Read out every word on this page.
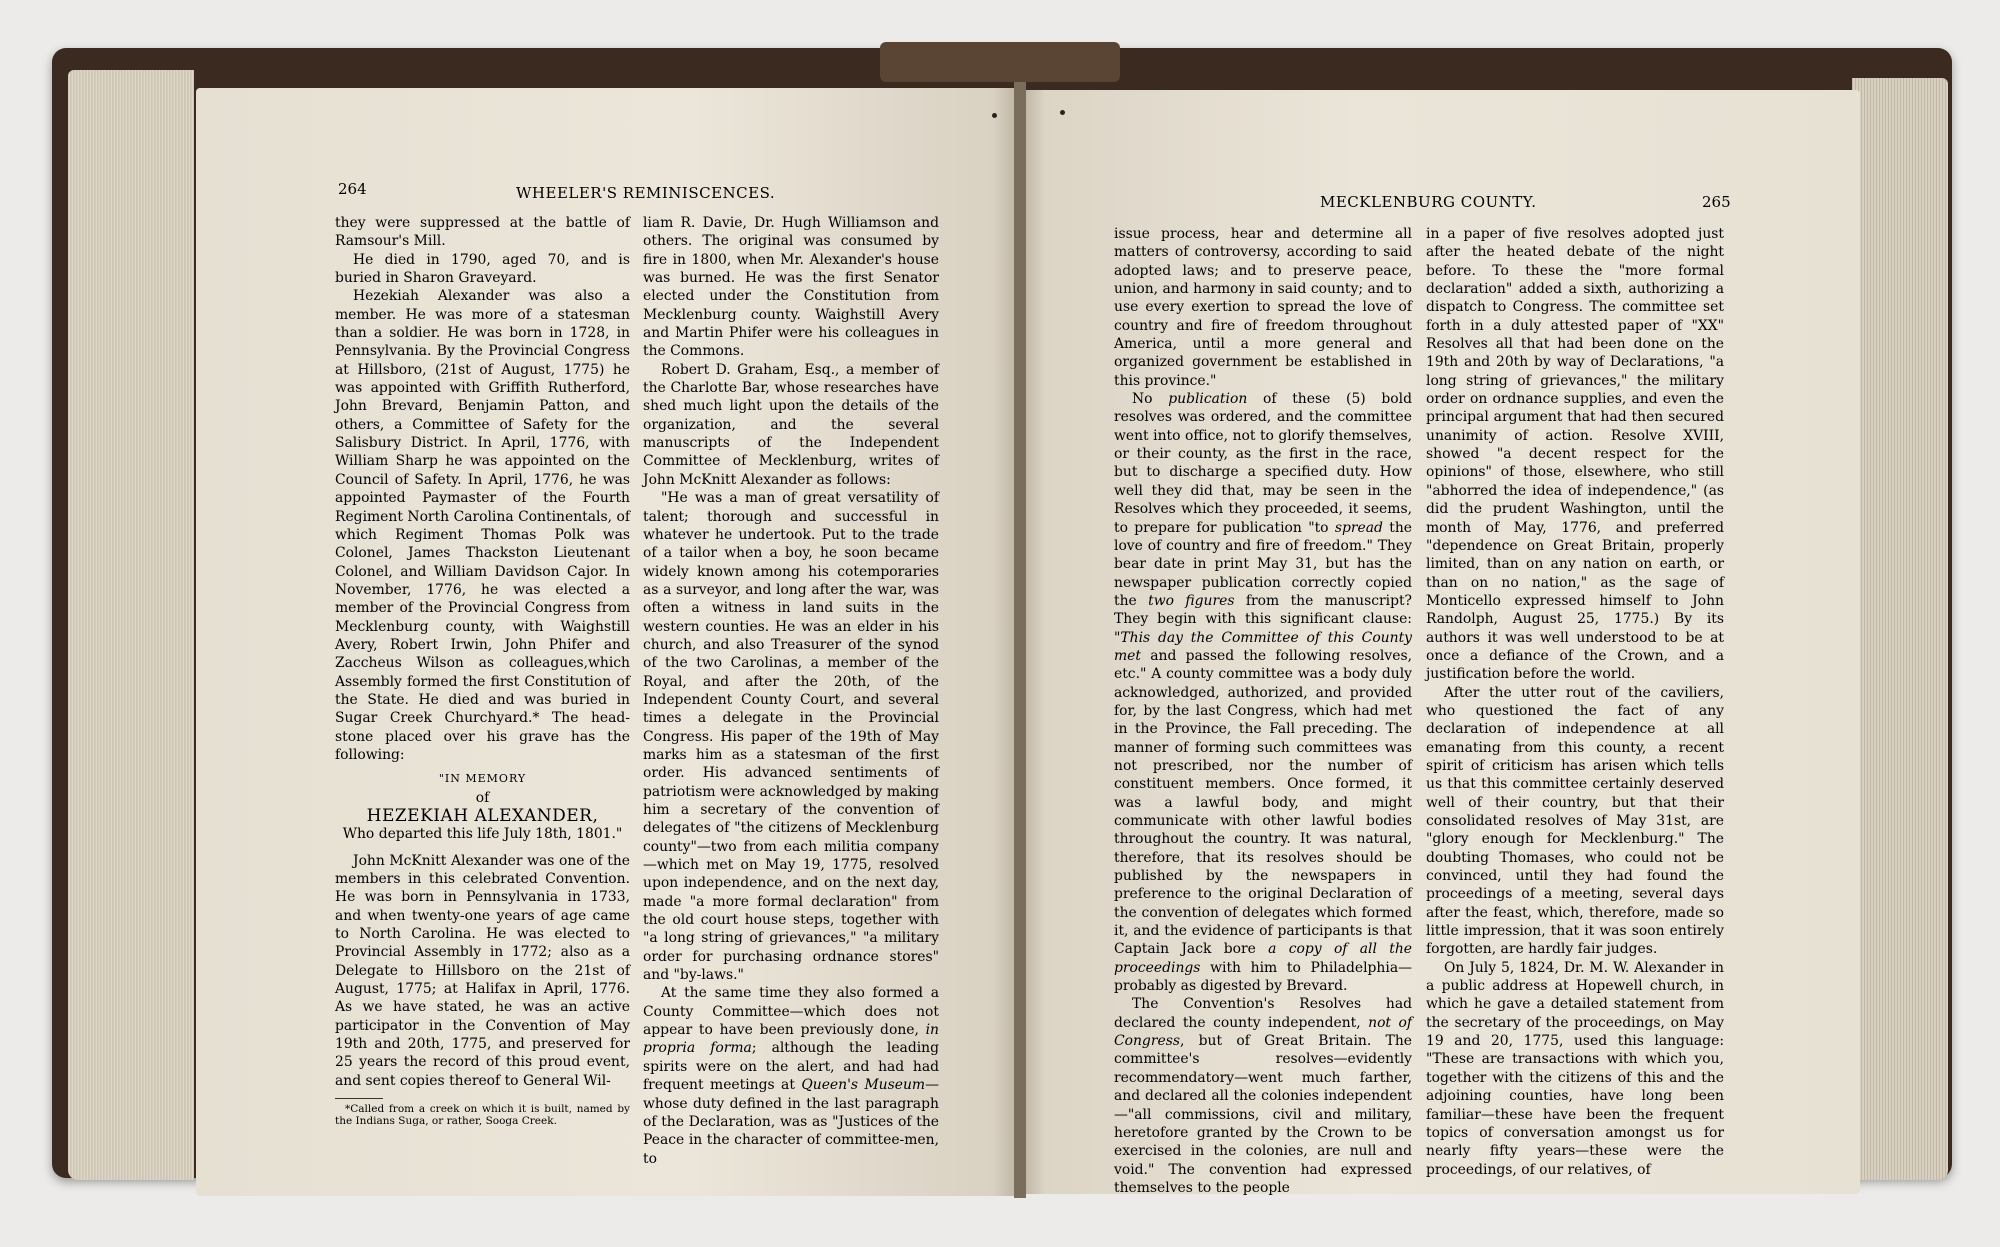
264	WHEELER'S REMINISCENCES.

they were suppressed at the battle of Ramsour's Mill.

He died in 1790, aged 70, and is buried in Sharon Graveyard.

Hezekiah Alexander was also a member. He was more of a statesman than a soldier. He was born in 1728, in Pennsylvania. By the Provincial Congress at Hillsboro, (21st of August, 1775) he was appointed with Griffith Rutherford, John Brevard, Benjamin Patton, and others, a Committee of Safety for the Salisbury District. In April, 1776, with William Sharp he was appointed on the Council of Safety. In April, 1776, he was appointed Paymaster of the Fourth Regiment North Carolina Continentals, of which Regiment Thomas Polk was Colonel, James Thackston Lieutenant Colonel, and William Davidson Cajor. In November, 1776, he was elected a member of the Provincial Congress from Mecklenburg county, with Waighstill Avery, Robert Irwin, John Phifer and Zaccheus Wilson as colleagues,which Assembly formed the first Constitution of the State. He died and was buried in Sugar Creek Churchyard.* The head-stone placed over his grave has the following:

"IN MEMORY
of
HEZEKIAH ALEXANDER,
Who departed this life July 18th, 1801."

John McKnitt Alexander was one of the members in this celebrated Convention. He was born in Pennsylvania in 1733, and when twenty-one years of age came to North Carolina. He was elected to Provincial Assembly in 1772; also as a Delegate to Hillsboro on the 21st of August, 1775; at Halifax in April, 1776. As we have stated, he was an active participator in the Convention of May 19th and 20th, 1775, and preserved for 25 years the record of this proud event, and sent copies thereof to General Wil-

*Called from a creek on which it is built, named by the Indians Suga, or rather, Sooga Creek.

liam R. Davie, Dr. Hugh Williamson and others. The original was consumed by fire in 1800, when Mr. Alexander's house was burned. He was the first Senator elected under the Constitution from Mecklenburg county. Waighstill Avery and Martin Phifer were his colleagues in the Commons.

Robert D. Graham, Esq., a member of the Charlotte Bar, whose researches have shed much light upon the details of the organization, and the several manuscripts of the Independent Committee of Mecklenburg, writes of John McKnitt Alexander as follows:

"He was a man of great versatility of talent; thorough and successful in whatever he undertook. Put to the trade of a tailor when a boy, he soon became widely known among his cotemporaries as a surveyor, and long after the war, was often a witness in land suits in the western counties. He was an elder in his church, and also Treasurer of the synod of the two Carolinas, a member of the Royal, and after the 20th, of the Independent County Court, and several times a delegate in the Provincial Congress. His paper of the 19th of May marks him as a statesman of the first order. His advanced sentiments of patriotism were acknowledged by making him a secretary of the convention of delegates of "the citizens of Mecklenburg county"—two from each militia company—which met on May 19, 1775, resolved upon independence, and on the next day, made "a more formal declaration" from the old court house steps, together with "a long string of grievances," "a military order for purchasing ordnance stores" and "by-laws."

At the same time they also formed a County Committee—which does not appear to have been previously done, in propria forma; although the leading spirits were on the alert, and had had frequent meetings at Queen's Museum—whose duty defined in the last paragraph of the Declaration, was as "Justices of the Peace in the character of committee-men, to

MECKLENBURG COUNTY.	265

issue process, hear and determine all matters of controversy, according to said adopted laws; and to preserve peace, union, and harmony in said county; and to use every exertion to spread the love of country and fire of freedom throughout America, until a more general and organized government be established in this province."

No publication of these (5) bold resolves was ordered, and the committee went into office, not to glorify themselves, or their county, as the first in the race, but to discharge a specified duty. How well they did that, may be seen in the Resolves which they proceeded, it seems, to prepare for publication "to spread the love of country and fire of freedom." They bear date in print May 31, but has the newspaper publication correctly copied the two figures from the manuscript? They begin with this significant clause: "This day the Committee of this County met and passed the following resolves, etc." A county committee was a body duly acknowledged, authorized, and provided for, by the last Congress, which had met in the Province, the Fall preceding. The manner of forming such committees was not prescribed, nor the number of constituent members. Once formed, it was a lawful body, and might communicate with other lawful bodies throughout the country. It was natural, therefore, that its resolves should be published by the newspapers in preference to the original Declaration of the convention of delegates which formed it, and the evidence of participants is that Captain Jack bore a copy of all the proceedings with him to Philadelphia—probably as digested by Brevard.

The Convention's Resolves had declared the county independent, not of Congress, but of Great Britain. The committee's resolves—evidently recommendatory—went much farther, and declared all the colonies independent—"all commissions, civil and military, heretofore granted by the Crown to be exercised in the colonies, are null and void." The convention had expressed themselves to the people

in a paper of five resolves adopted just after the heated debate of the night before. To these the "more formal declaration" added a sixth, authorizing a dispatch to Congress. The committee set forth in a duly attested paper of "XX" Resolves all that had been done on the 19th and 20th by way of Declarations, "a long string of grievances," the military order on ordnance supplies, and even the principal argument that had then secured unanimity of action. Resolve XVIII, showed "a decent respect for the opinions" of those, elsewhere, who still "abhorred the idea of independence," (as did the prudent Washington, until the month of May, 1776, and preferred "dependence on Great Britain, properly limited, than on any nation on earth, or than on no nation," as the sage of Monticello expressed himself to John Randolph, August 25, 1775.) By its authors it was well understood to be at once a defiance of the Crown, and a justification before the world.

After the utter rout of the caviliers, who questioned the fact of any declaration of independence at all emanating from this county, a recent spirit of criticism has arisen which tells us that this committee certainly deserved well of their country, but that their consolidated resolves of May 31st, are "glory enough for Mecklenburg." The doubting Thomases, who could not be convinced, until they had found the proceedings of a meeting, several days after the feast, which, therefore, made so little impression, that it was soon entirely forgotten, are hardly fair judges.

On July 5, 1824, Dr. M. W. Alexander in a public address at Hopewell church, in which he gave a detailed statement from the secretary of the proceedings, on May 19 and 20, 1775, used this language: "These are transactions with which you, together with the citizens of this and the adjoining counties, have long been familiar—these have been the frequent topics of conversation amongst us for nearly fifty years—these were the proceedings, of our relatives, of
